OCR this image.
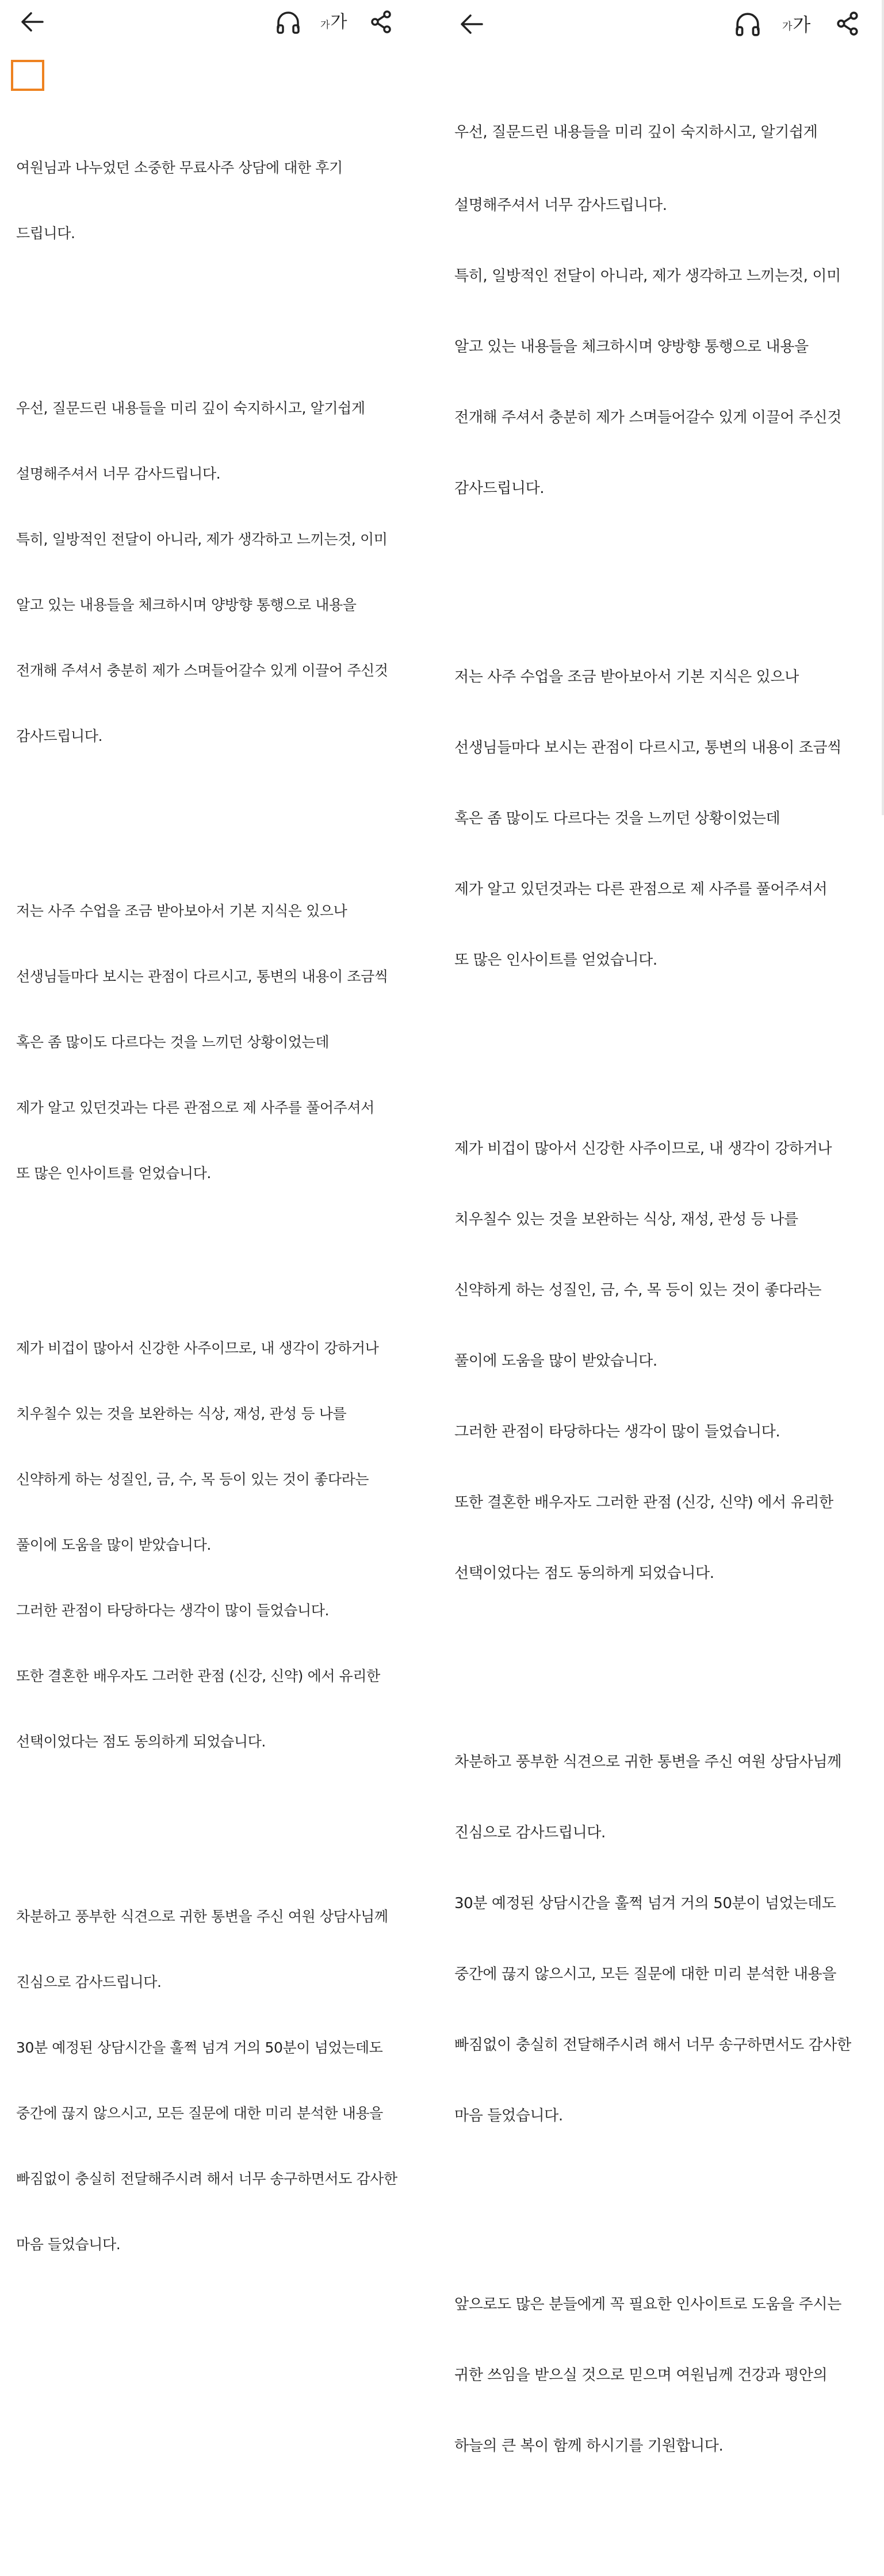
가 가

여원님과 나누었던 소중한 무료사주 상담에 대한 후기

드립니다.

우선, 질문드린 내용들을 미리 깊이 숙지하시고, 알기쉽게

설명해주셔서 너무 감사드립니다.

특히, 일방적인 전달이 아니라, 제가 생각하고 느끼는것, 이미

알고 있는 내용들을 체크하시며 양방향 통행으로 내용을

전개해 주셔서 충분히 제가 스며들어갈수 있게 이끌어 주신것

감사드립니다.

저는 사주 수업을 조금 받아보아서 기본 지식은 있으나

선생님들마다 보시는 관점이 다르시고, 통변의 내용이 조금씩

혹은 좀 많이도 다르다는 것을 느끼던 상황이었는데

제가 알고 있던것과는 다른 관점으로 제 사주를 풀어주셔서

또 많은 인사이트를 얻었습니다.

제가 비겁이 많아서 신강한 사주이므로, 내 생각이 강하거나

치우칠수 있는 것을 보완하는 식상, 재성, 관성 등 나를

신약하게 하는 성질인, 금, 수, 목 등이 있는 것이 좋다라는

풀이에 도움을 많이 받았습니다.

그러한 관점이 타당하다는 생각이 많이 들었습니다.

또한 결혼한 배우자도 그러한 관점 (신강, 신약) 에서 유리한

선택이었다는 점도 동의하게 되었습니다.

차분하고 풍부한 식견으로 귀한 통변을 주신 여원 상담사님께

진심으로 감사드립니다.

30분 예정된 상담시간을 훌쩍 넘겨 거의 50분이 넘었는데도

중간에 끊지 않으시고, 모든 질문에 대한 미리 분석한 내용을

빠짐없이 충실히 전달해주시려 해서 너무 송구하면서도 감사한

마음 들었습니다.

우선, 질문드린 내용들을 미리 깊이 숙지하시고, 알기쉽게

설명해주셔서 너무 감사드립니다.

특히, 일방적인 전달이 아니라, 제가 생각하고 느끼는것, 이미

알고 있는 내용들을 체크하시며 양방향 통행으로 내용을

전개해 주셔서 충분히 제가 스며들어갈수 있게 이끌어 주신것

감사드립니다.

저는 사주 수업을 조금 받아보아서 기본 지식은 있으나

선생님들마다 보시는 관점이 다르시고, 통변의 내용이 조금씩

혹은 좀 많이도 다르다는 것을 느끼던 상황이었는데

제가 알고 있던것과는 다른 관점으로 제 사주를 풀어주셔서

또 많은 인사이트를 얻었습니다.

제가 비겁이 많아서 신강한 사주이므로, 내 생각이 강하거나

치우칠수 있는 것을 보완하는 식상, 재성, 관성 등 나를

신약하게 하는 성질인, 금, 수, 목 등이 있는 것이 좋다라는

풀이에 도움을 많이 받았습니다.

그러한 관점이 타당하다는 생각이 많이 들었습니다.

또한 결혼한 배우자도 그러한 관점 (신강, 신약) 에서 유리한

선택이었다는 점도 동의하게 되었습니다.

차분하고 풍부한 식견으로 귀한 통변을 주신 여원 상담사님께

진심으로 감사드립니다.

30분 예정된 상담시간을 훌쩍 넘겨 거의 50분이 넘었는데도

중간에 끊지 않으시고, 모든 질문에 대한 미리 분석한 내용을

빠짐없이 충실히 전달해주시려 해서 너무 송구하면서도 감사한

마음 들었습니다.

앞으로도 많은 분들에게 꼭 필요한 인사이트로 도움을 주시는

귀한 쓰임을 받으실 것으로 믿으며 여원님께 건강과 평안의

하늘의 큰 복이 함께 하시기를 기원합니다.

가 가
